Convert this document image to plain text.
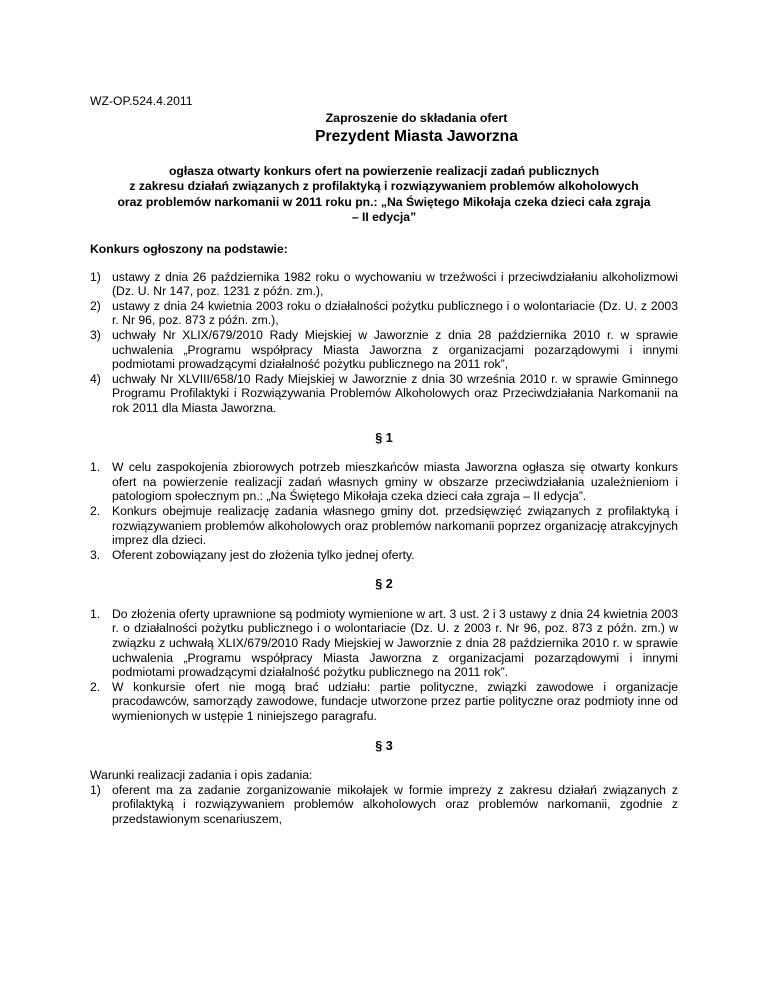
WZ-OP.524.4.2011
Zaproszenie do składania ofert
Prezydent Miasta Jaworzna
ogłasza otwarty konkurs ofert na powierzenie realizacji zadań publicznych
z zakresu działań związanych z profilaktyką i rozwiązywaniem problemów alkoholowych
oraz problemów narkomanii w 2011 roku pn.: „Na Świętego Mikołaja czeka dzieci cała zgraja
– II edycja”
Konkurs ogłoszony na podstawie:
1) ustawy z dnia 26 października 1982 roku o wychowaniu w trzeźwości i przeciwdziałaniu alkoholizmowi (Dz. U. Nr 147, poz. 1231 z późn. zm.),
2) ustawy z dnia 24 kwietnia 2003 roku o działalności pożytku publicznego i o wolontariacie (Dz. U. z 2003 r. Nr 96, poz. 873 z późn. zm.),
3) uchwały Nr XLIX/679/2010 Rady Miejskiej w Jaworznie z dnia 28 października 2010 r. w sprawie uchwalenia „Programu współpracy Miasta Jaworzna z organizacjami pozarządowymi i innymi podmiotami prowadzącymi działalność pożytku publicznego na 2011 rok”,
4) uchwały Nr XLVIII/658/10 Rady Miejskiej w Jaworznie z dnia 30 września 2010 r. w sprawie Gminnego Programu Profilaktyki i Rozwiązywania Problemów Alkoholowych oraz Przeciwdziałania Narkomanii na rok 2011 dla Miasta Jaworzna.
§ 1
1. W celu zaspokojenia zbiorowych potrzeb mieszkańców miasta Jaworzna ogłasza się otwarty konkurs ofert na powierzenie realizacji zadań własnych gminy w obszarze przeciwdziałania uzależnieniom i patologiom społecznym pn.: „Na Świętego Mikołaja czeka dzieci cała zgraja – II edycja”.
2. Konkurs obejmuje realizację zadania własnego gminy dot. przedsięwzięć związanych z profilaktyką i rozwiązywaniem problemów alkoholowych oraz problemów narkomanii poprzez organizację atrakcyjnych imprez dla dzieci.
3. Oferent zobowiązany jest do złożenia tylko jednej oferty.
§ 2
1. Do złożenia oferty uprawnione są podmioty wymienione w art. 3 ust. 2 i 3 ustawy z dnia 24 kwietnia 2003 r. o działalności pożytku publicznego i o wolontariacie (Dz. U. z 2003 r. Nr 96, poz. 873 z późn. zm.) w związku z uchwałą XLIX/679/2010 Rady Miejskiej w Jaworznie z dnia 28 października 2010 r. w sprawie uchwalenia „Programu współpracy Miasta Jaworzna z organizacjami pozarządowymi i innymi podmiotami prowadzącymi działalność pożytku publicznego na 2011 rok”.
2. W konkursie ofert nie mogą brać udziału: partie polityczne, związki zawodowe i organizacje pracodawców, samorządy zawodowe, fundacje utworzone przez partie polityczne oraz podmioty inne od wymienionych w ustępie 1 niniejszego paragrafu.
§ 3
Warunki realizacji zadania i opis zadania:
1) oferent ma za zadanie zorganizowanie mikołajek w formie imprezy z zakresu działań związanych z profilaktyką i rozwiązywaniem problemów alkoholowych oraz problemów narkomanii, zgodnie z przedstawionym scenariuszem,
